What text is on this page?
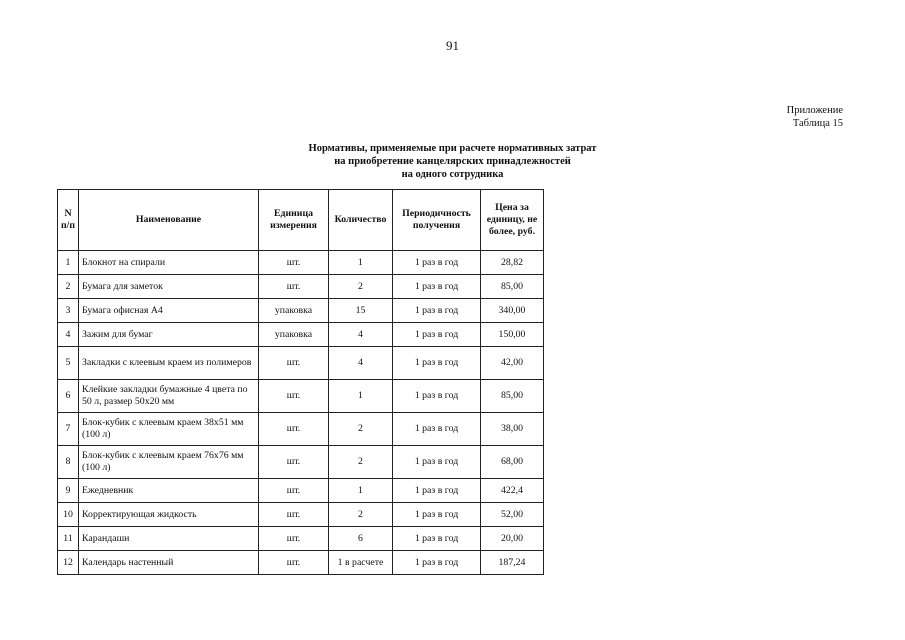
91
Приложение
Таблица 15
Нормативы, применяемые при расчете нормативных затрат
на приобретение канцелярских принадлежностей
на одного сотрудника
N п/п	Наименование	Единица измерения	Количество	Периодичность получения	Цена за единицу, не более, руб.
1	Блокнот на спирали	шт.	1	1 раз в год	28,82
2	Бумага для заметок	шт.	2	1 раз в год	85,00
3	Бумага офисная А4	упаковка	15	1 раз в год	340,00
4	Зажим для бумаг	упаковка	4	1 раз в год	150,00
5	Закладки с клеевым краем из полимеров	шт.	4	1 раз в год	42,00
6	Клейкие закладки бумажные 4 цвета по 50 л, размер 50х20 мм	шт.	1	1 раз в год	85,00
7	Блок-кубик с клеевым краем 38х51 мм (100 л)	шт.	2	1 раз в год	38,00
8	Блок-кубик с клеевым краем 76х76 мм (100 л)	шт.	2	1 раз в год	68,00
9	Ежедневник	шт.	1	1 раз в год	422,4
10	Корректирующая жидкость	шт.	2	1 раз в год	52,00
11	Карандаши	шт.	6	1 раз в год	20,00
12	Календарь настенный	шт.	1 в расчете	1 раз в год	187,24
